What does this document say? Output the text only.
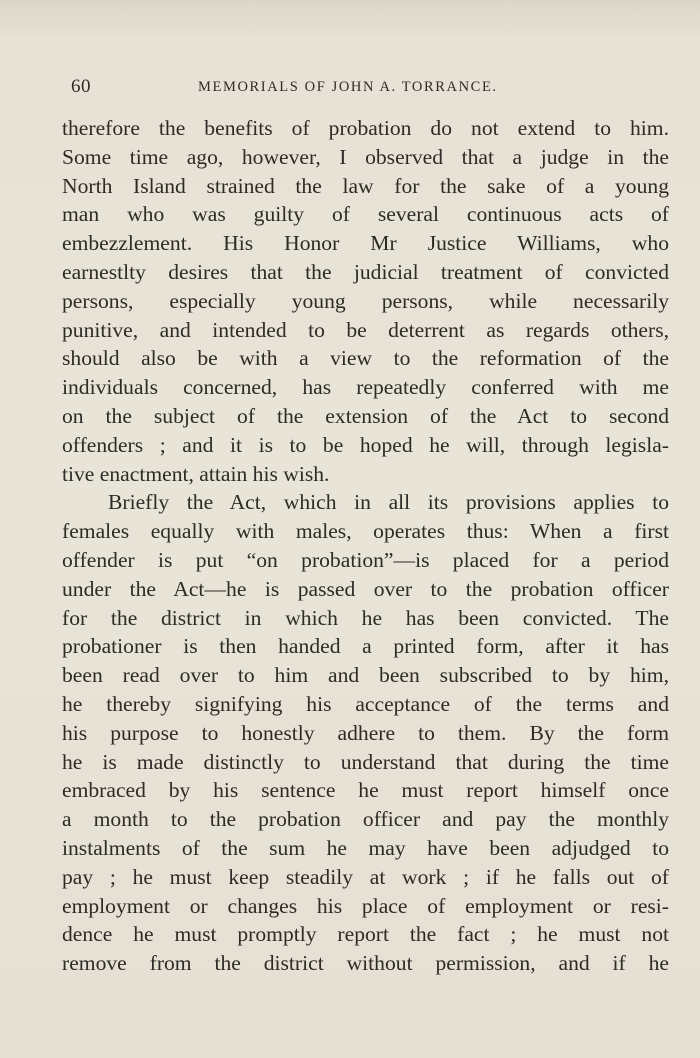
60	MEMORIALS OF JOHN A. TORRANCE.
therefore the benefits of probation do not extend to him.
Some time ago, however, I observed that a judge in the
North Island strained the law for the sake of a young
man who was guilty of several continuous acts of
embezzlement. His Honor Mr Justice Williams, who
earnestlty desires that the judicial treatment of convicted
persons, especially young persons, while necessarily
punitive, and intended to be deterrent as regards others,
should also be with a view to the reformation of the
individuals concerned, has repeatedly conferred with me
on the subject of the extension of the Act to second
offenders ; and it is to be hoped he will, through legisla-
tive enactment, attain his wish.
Briefly the Act, which in all its provisions applies to
females equally with males, operates thus: When a first
offender is put “on probation”—is placed for a period
under the Act—he is passed over to the probation officer
for the district in which he has been convicted. The
probationer is then handed a printed form, after it has
been read over to him and been subscribed to by him,
he thereby signifying his acceptance of the terms and
his purpose to honestly adhere to them. By the form
he is made distinctly to understand that during the time
embraced by his sentence he must report himself once
a month to the probation officer and pay the monthly
instalments of the sum he may have been adjudged to
pay ; he must keep steadily at work ; if he falls out of
employment or changes his place of employment or resi-
dence he must promptly report the fact ; he must not
remove from the district without permission, and if he
